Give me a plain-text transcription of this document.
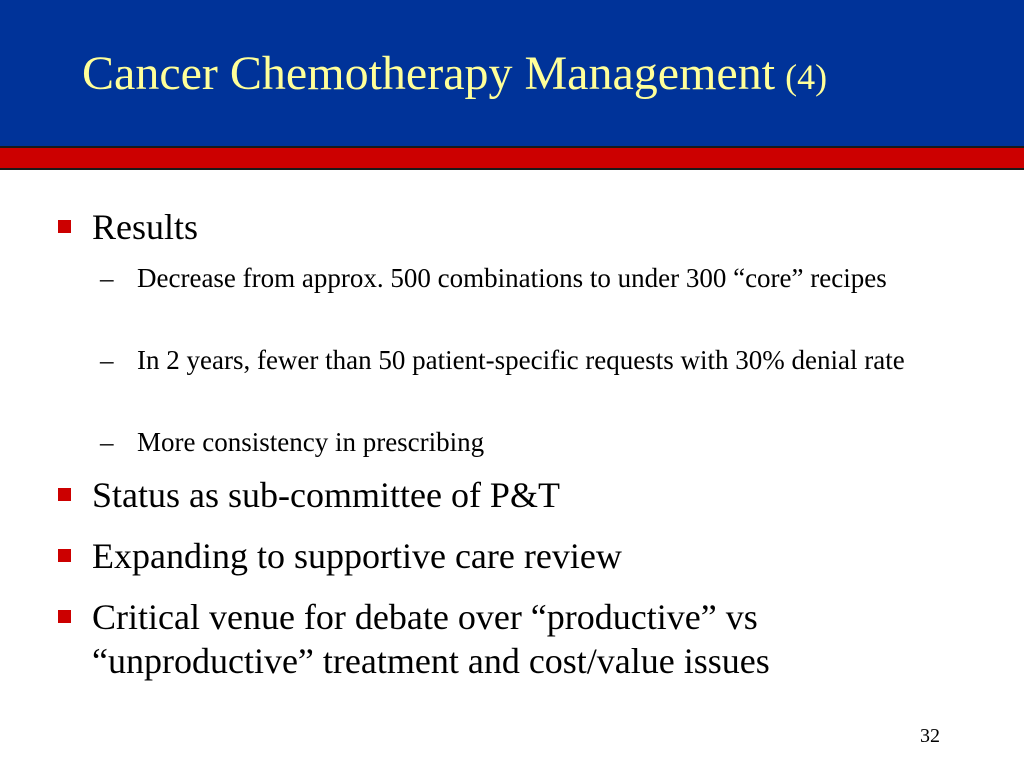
Cancer Chemotherapy Management (4)
Results
– Decrease from approx. 500 combinations to under 300 “core” recipes
– In 2 years, fewer than 50 patient-specific requests with 30% denial rate
– More consistency in prescribing
Status as sub-committee of P&T
Expanding to supportive care review
Critical venue for debate over “productive” vs “unproductive” treatment and cost/value issues
32
